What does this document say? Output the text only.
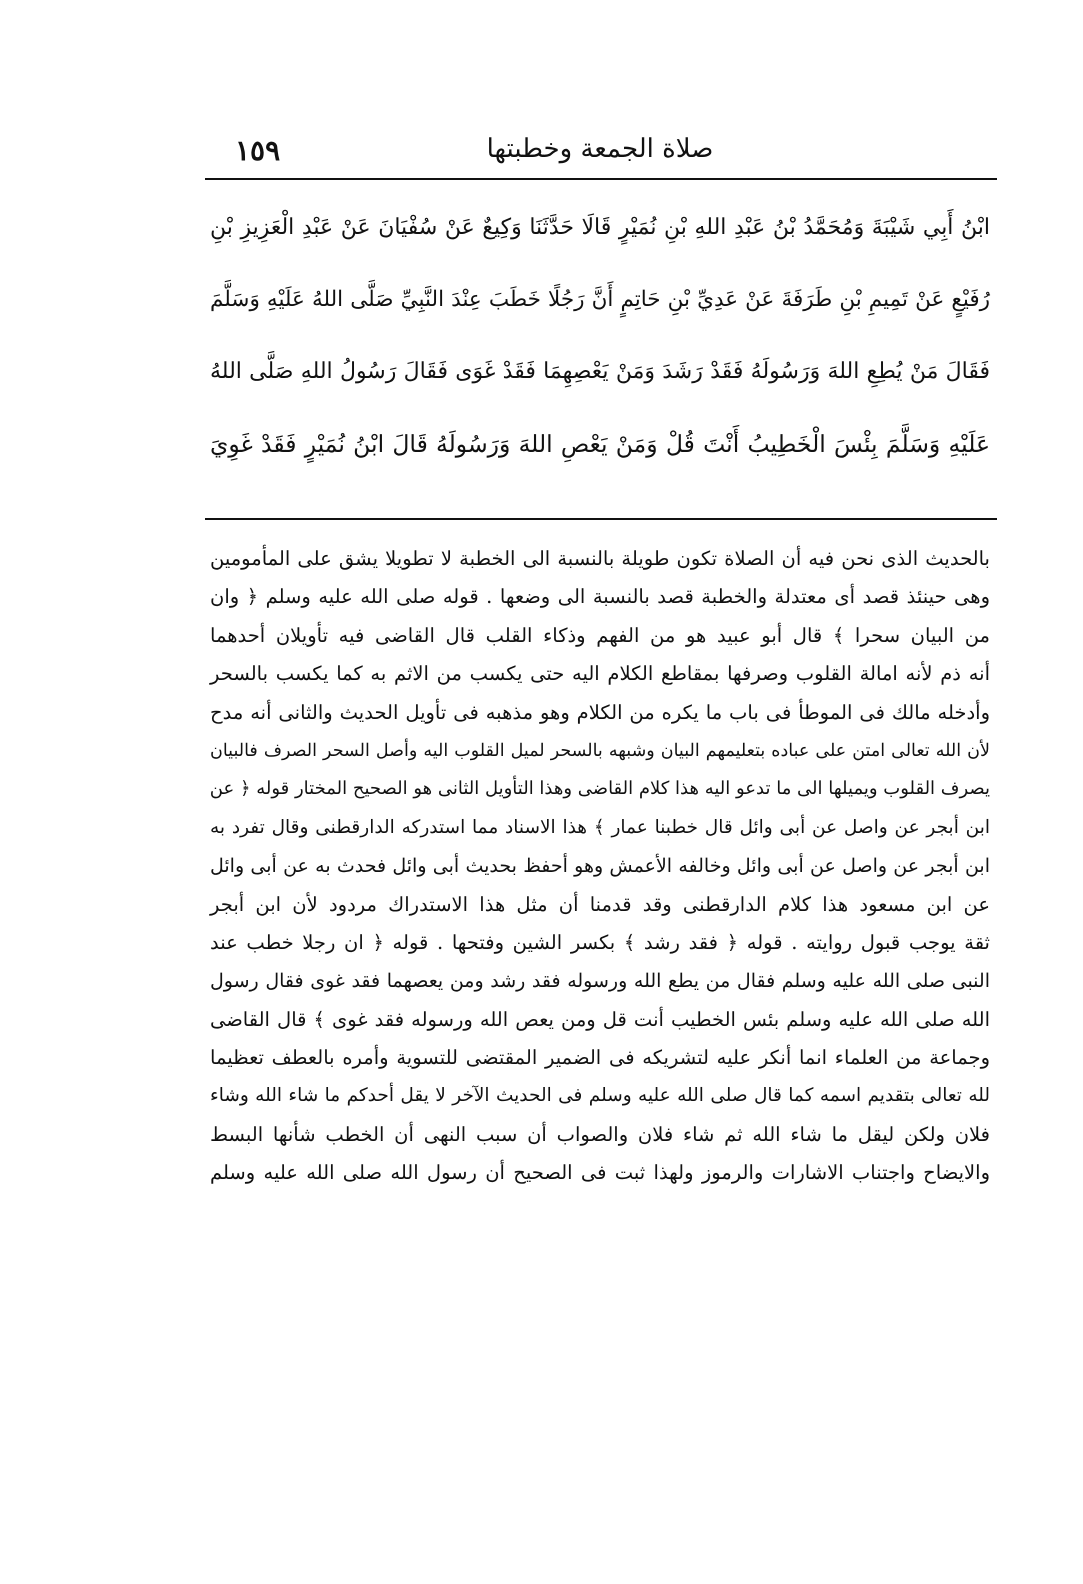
١٥٩	صلاة الجمعة وخطبتها
ابْنُ أَبِي شَيْبَةَ وَمُحَمَّدُ بْنُ عَبْدِ اللهِ بْنِ نُمَيْرٍ قَالَا حَدَّثَنَا وَكِيعٌ عَنْ سُفْيَانَ عَنْ عَبْدِ الْعَزِيزِ بْنِ
رُفَيْعٍ عَنْ تَمِيمِ بْنِ طَرَفَةَ عَنْ عَدِيِّ بْنِ حَاتِمٍ أَنَّ رَجُلًا خَطَبَ عِنْدَ النَّبِيِّ صَلَّى اللهُ عَلَيْهِ وَسَلَّمَ
فَقَالَ مَنْ يُطِعِ اللهَ وَرَسُولَهُ فَقَدْ رَشَدَ وَمَنْ يَعْصِهِمَا فَقَدْ غَوَى فَقَالَ رَسُولُ اللهِ صَلَّى اللهُ
عَلَيْهِ وَسَلَّمَ بِئْسَ الْخَطِيبُ أَنْتَ قُلْ وَمَنْ يَعْصِ اللهَ وَرَسُولَهُ قَالَ ابْنُ نُمَيْرٍ فَقَدْ غَوِيَ
بالحديث الذى نحن فيه أن الصلاة تكون طويلة بالنسبة الى الخطبة لا تطويلا يشق على المأمومين
وهى حينئذ قصد أى معتدلة والخطبة قصد بالنسبة الى وضعها . قوله صلى الله عليه وسلم ﴿ وان
من البيان سحرا ﴾ قال أبو عبيد هو من الفهم وذكاء القلب قال القاضى فيه تأويلان أحدهما
أنه ذم لأنه امالة القلوب وصرفها بمقاطع الكلام اليه حتى يكسب من الاثم به كما يكسب بالسحر
وأدخله مالك فى الموطأ فى باب ما يكره من الكلام وهو مذهبه فى تأويل الحديث والثانى أنه مدح
لأن الله تعالى امتن على عباده بتعليمهم البيان وشبهه بالسحر لميل القلوب اليه وأصل السحر الصرف فالبيان
يصرف القلوب ويميلها الى ما تدعو اليه هذا كلام القاضى وهذا التأويل الثانى هو الصحيح المختار قوله ﴿ عن
ابن أبجر عن واصل عن أبى وائل قال خطبنا عمار ﴾ هذا الاسناد مما استدركه الدارقطنى وقال تفرد به
ابن أبجر عن واصل عن أبى وائل وخالفه الأعمش وهو أحفظ بحديث أبى وائل فحدث به عن أبى وائل
عن ابن مسعود هذا كلام الدارقطنى وقد قدمنا أن مثل هذا الاستدراك مردود لأن ابن أبجر
ثقة يوجب قبول روايته . قوله ﴿ فقد رشد ﴾ بكسر الشين وفتحها . قوله ﴿ ان رجلا خطب عند
النبى صلى الله عليه وسلم فقال من يطع الله ورسوله فقد رشد ومن يعصهما فقد غوى فقال رسول
الله صلى الله عليه وسلم بئس الخطيب أنت قل ومن يعص الله ورسوله فقد غوى ﴾ قال القاضى
وجماعة من العلماء انما أنكر عليه لتشريكه فى الضمير المقتضى للتسوية وأمره بالعطف تعظيما
لله تعالى بتقديم اسمه كما قال صلى الله عليه وسلم فى الحديث الآخر لا يقل أحدكم ما شاء الله وشاء
فلان ولكن ليقل ما شاء الله ثم شاء فلان والصواب أن سبب النهى أن الخطب شأنها البسط
والايضاح واجتناب الاشارات والرموز ولهذا ثبت فى الصحيح أن رسول الله صلى الله عليه وسلم
